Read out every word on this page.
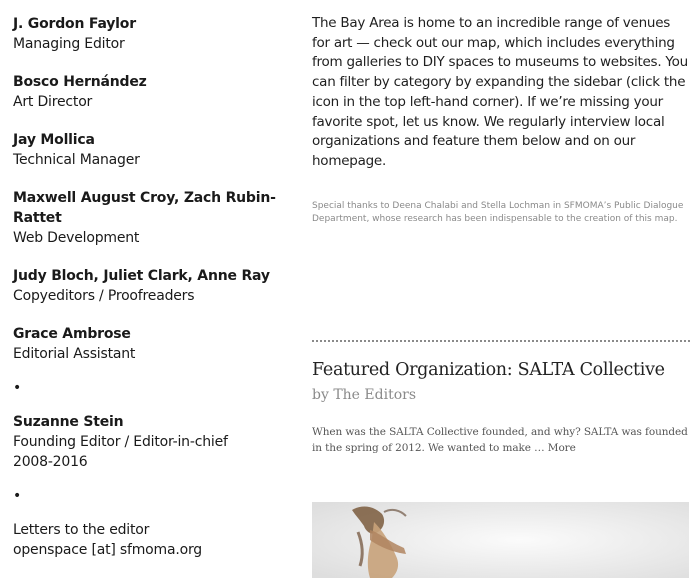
J. Gordon Faylor
Managing Editor
Bosco Hernández
Art Director
Jay Mollica
Technical Manager
Maxwell August Croy, Zach Rubin-Rattet
Web Development
Judy Bloch, Juliet Clark, Anne Ray
Copyeditors / Proofreaders
Grace Ambrose
Editorial Assistant
•
Suzanne Stein
Founding Editor / Editor-in-chief
2008-2016
•
Letters to the editor
openspace [at] sfmoma.org

The Bay Area is home to an incredible range of venues for art — check out our map, which includes everything from galleries to DIY spaces to museums to websites. You can filter by category by expanding the sidebar (click the icon in the top left-hand corner). If we’re missing your favorite spot, let us know. We regularly interview local organizations and feature them below and on our homepage.

Special thanks to Deena Chalabi and Stella Lochman in SFMOMA’s Public Dialogue Department, whose research has been indispensable to the creation of this map.
Featured Organization: SALTA Collective
by The Editors
When was the SALTA Collective founded, and why? SALTA was founded in the spring of 2012. We wanted to make … More
